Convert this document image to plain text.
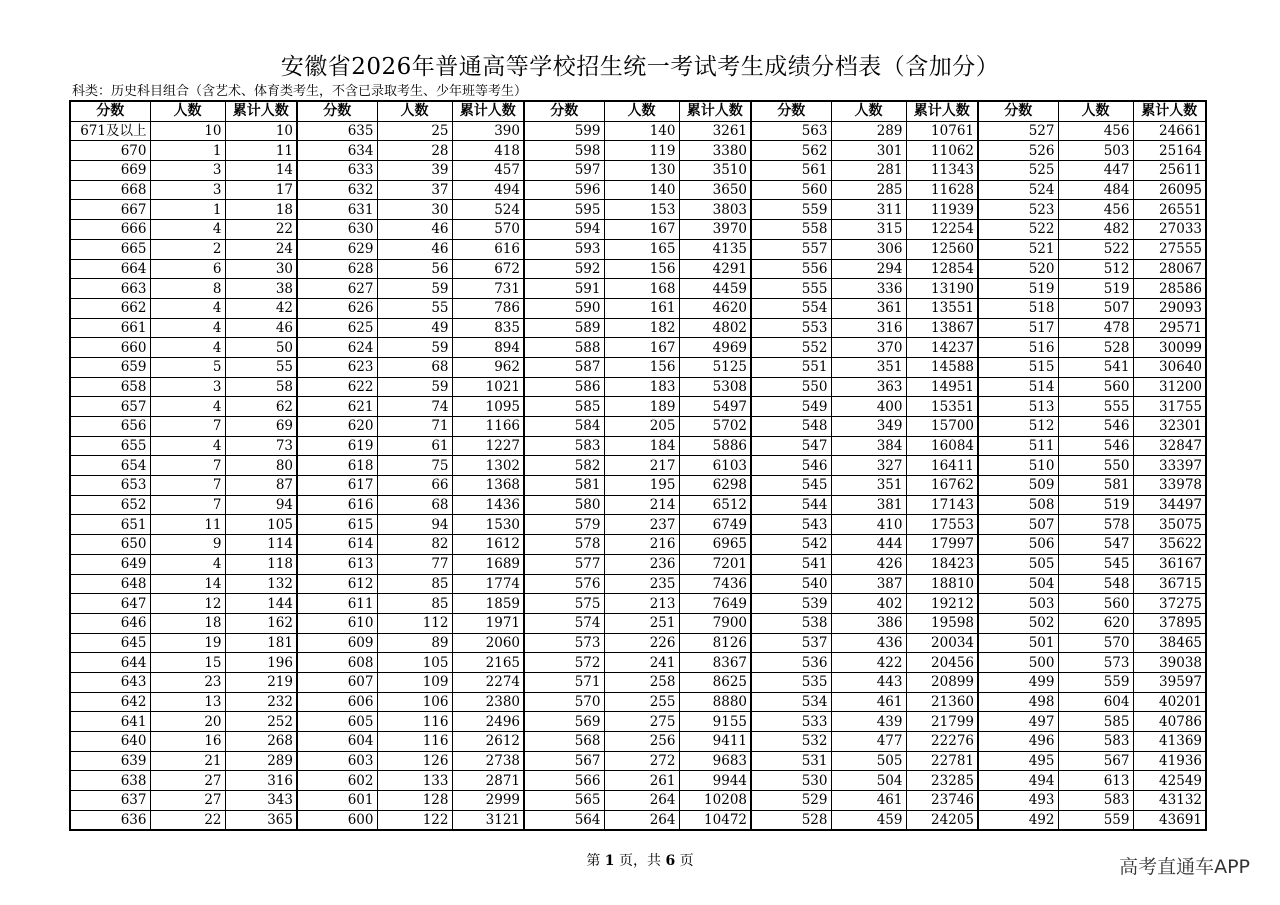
安徽省2026年普通高等学校招生统一考试考生成绩分档表（含加分）
科类：历史科目组合（含艺术、体育类考生，不含已录取考生、少年班等考生）
分数	人数	累计人数	分数	人数	累计人数	分数	人数	累计人数	分数	人数	累计人数	分数	人数	累计人数
671及以上	10	10	635	25	390	599	140	3261	563	289	10761	527	456	24661
670	1	11	634	28	418	598	119	3380	562	301	11062	526	503	25164
669	3	14	633	39	457	597	130	3510	561	281	11343	525	447	25611
668	3	17	632	37	494	596	140	3650	560	285	11628	524	484	26095
667	1	18	631	30	524	595	153	3803	559	311	11939	523	456	26551
666	4	22	630	46	570	594	167	3970	558	315	12254	522	482	27033
665	2	24	629	46	616	593	165	4135	557	306	12560	521	522	27555
664	6	30	628	56	672	592	156	4291	556	294	12854	520	512	28067
663	8	38	627	59	731	591	168	4459	555	336	13190	519	519	28586
662	4	42	626	55	786	590	161	4620	554	361	13551	518	507	29093
661	4	46	625	49	835	589	182	4802	553	316	13867	517	478	29571
660	4	50	624	59	894	588	167	4969	552	370	14237	516	528	30099
659	5	55	623	68	962	587	156	5125	551	351	14588	515	541	30640
658	3	58	622	59	1021	586	183	5308	550	363	14951	514	560	31200
657	4	62	621	74	1095	585	189	5497	549	400	15351	513	555	31755
656	7	69	620	71	1166	584	205	5702	548	349	15700	512	546	32301
655	4	73	619	61	1227	583	184	5886	547	384	16084	511	546	32847
654	7	80	618	75	1302	582	217	6103	546	327	16411	510	550	33397
653	7	87	617	66	1368	581	195	6298	545	351	16762	509	581	33978
652	7	94	616	68	1436	580	214	6512	544	381	17143	508	519	34497
651	11	105	615	94	1530	579	237	6749	543	410	17553	507	578	35075
650	9	114	614	82	1612	578	216	6965	542	444	17997	506	547	35622
649	4	118	613	77	1689	577	236	7201	541	426	18423	505	545	36167
648	14	132	612	85	1774	576	235	7436	540	387	18810	504	548	36715
647	12	144	611	85	1859	575	213	7649	539	402	19212	503	560	37275
646	18	162	610	112	1971	574	251	7900	538	386	19598	502	620	37895
645	19	181	609	89	2060	573	226	8126	537	436	20034	501	570	38465
644	15	196	608	105	2165	572	241	8367	536	422	20456	500	573	39038
643	23	219	607	109	2274	571	258	8625	535	443	20899	499	559	39597
642	13	232	606	106	2380	570	255	8880	534	461	21360	498	604	40201
641	20	252	605	116	2496	569	275	9155	533	439	21799	497	585	40786
640	16	268	604	116	2612	568	256	9411	532	477	22276	496	583	41369
639	21	289	603	126	2738	567	272	9683	531	505	22781	495	567	41936
638	27	316	602	133	2871	566	261	9944	530	504	23285	494	613	42549
637	27	343	601	128	2999	565	264	10208	529	461	23746	493	583	43132
636	22	365	600	122	3121	564	264	10472	528	459	24205	492	559	43691
第 1 页，共 6 页	高考直通车APP
